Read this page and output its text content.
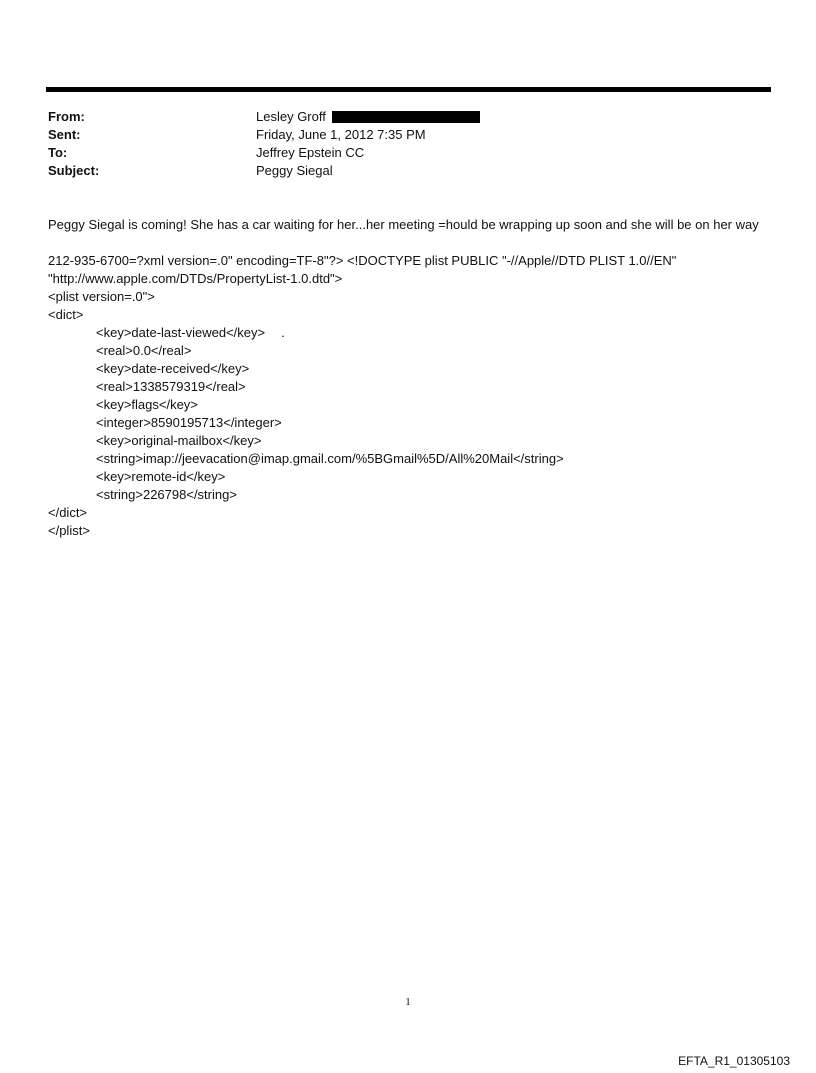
From:	Lesley Groff
Sent:	Friday, June 1, 2012 7:35 PM
To:	Jeffrey Epstein CC
Subject:	Peggy Siegal

Peggy Siegal is coming! She has a car waiting for her...her meeting =hould be wrapping up soon and she will be on her way

212-935-6700=?xml version=.0" encoding=TF-8"?> <!DOCTYPE plist PUBLIC "-//Apple//DTD PLIST 1.0//EN"

"http://www.apple.com/DTDs/PropertyList-1.0.dtd">

<plist version=.0">

<dict>

<key>date-last-viewed</key> .

<real>0.0</real>

<key>date-received</key>

<real>1338579319</real>

<key>flags</key>

<integer>8590195713</integer>

<key>original-mailbox</key>

<string>imap://jeevacation@imap.gmail.com/%5BGmail%5D/All%20Mail</string>

<key>remote-id</key>

<string>226798</string>

</dict>

</plist>

1
EFTA_R1_01305103
